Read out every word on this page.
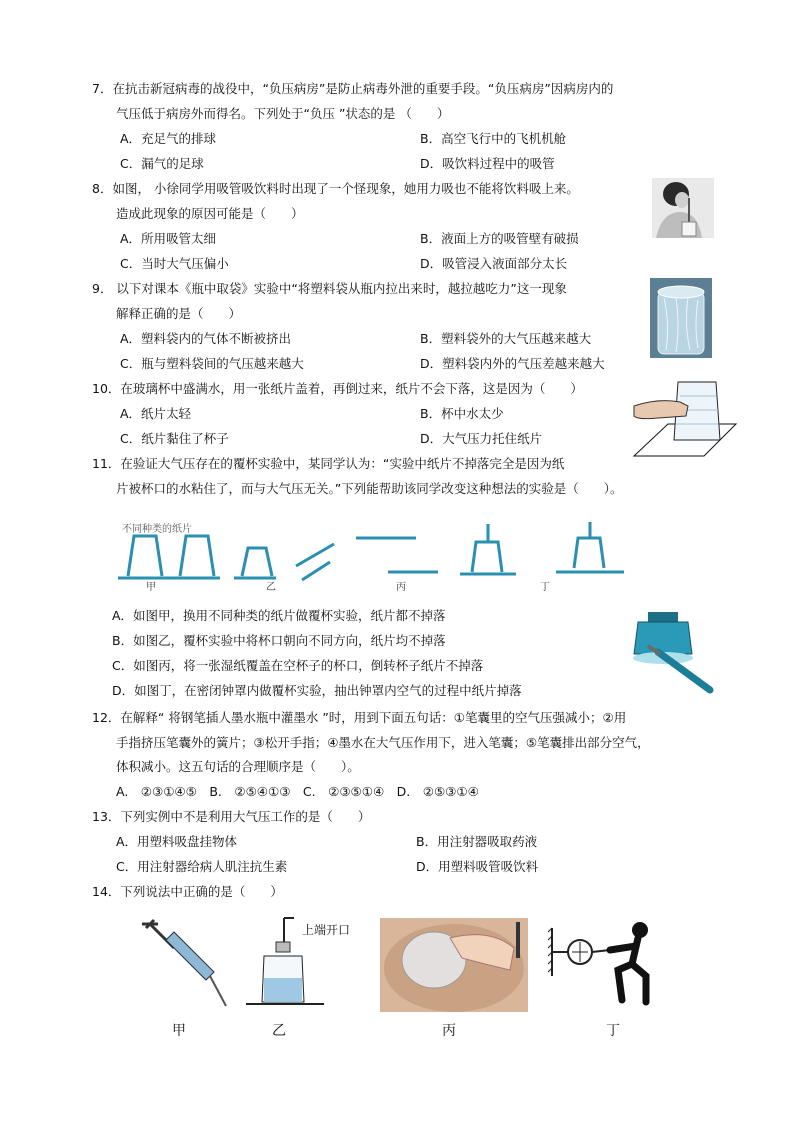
7．在抗击新冠病毒的战役中，“负压病房”是防止病毒外泄的重要手段。“负压病房”因病房内的
气压低于病房外而得名。下列处于“负压 ”状态的是 （　　）
A．充足气的排球	B．高空飞行中的飞机机舱
C．漏气的足球	D．吸饮料过程中的吸管
8．如图， 小徐同学用吸管吸饮料时出现了一个怪现象，她用力吸也不能将饮料吸上来。
造成此现象的原因可能是（　　）
A．所用吸管太细	B．液面上方的吸管壁有破损
C．当时大气压偏小	D．吸管浸入液面部分太长
9． 以下对课本《瓶中取袋》实验中“将塑料袋从瓶内拉出来时，越拉越吃力”这一现象
解释正确的是（　　）
A．塑料袋内的气体不断被挤出	B．塑料袋外的大气压越来越大
C．瓶与塑料袋间的气压越来越大	D．塑料袋内外的气压差越来越大
10．在玻璃杯中盛满水，用一张纸片盖着，再倒过来，纸片不会下落，这是因为（　　）
A．纸片太轻	B．杯中水太少
C．纸片黏住了杯子	D．大气压力托住纸片
11．在验证大气压存在的覆杯实验中，某同学认为：“实验中纸片不掉落完全是因为纸
片被杯口的水粘住了，而与大气压无关。”下列能帮助该同学改变这种想法的实验是（　　）。
不同种类的纸片
甲	乙	丙	丁
A．如图甲，换用不同种类的纸片做覆杯实验，纸片都不掉落
B．如图乙，覆杯实验中将杯口朝向不同方向，纸片均不掉落
C．如图丙，将一张湿纸覆盖在空杯子的杯口，倒转杯子纸片不掉落
D．如图丁，在密闭钟罩内做覆杯实验，抽出钟罩内空气的过程中纸片掉落
12．在解释“ 将钢笔插人墨水瓶中灌墨水 ”时，用到下面五句话：①笔囊里的空气压强减小；②用
手指挤压笔囊外的簧片；③松开手指；④墨水在大气压作用下，进入笔囊；⑤笔囊排出部分空气，
体积减小。这五句话的合理顺序是（　　）。
A.　②③①④⑤　B.　②⑤④①③　C.　②③⑤①④　D.　②⑤③①④
13．下列实例中不是利用大气压工作的是（　　）
A．用塑料吸盘挂物体	B．用注射器吸取药液
C．用注射器给病人肌注抗生素	D．用塑料吸管吸饮料
14．下列说法中正确的是（　　）
上端开口
甲	乙	丙	丁
